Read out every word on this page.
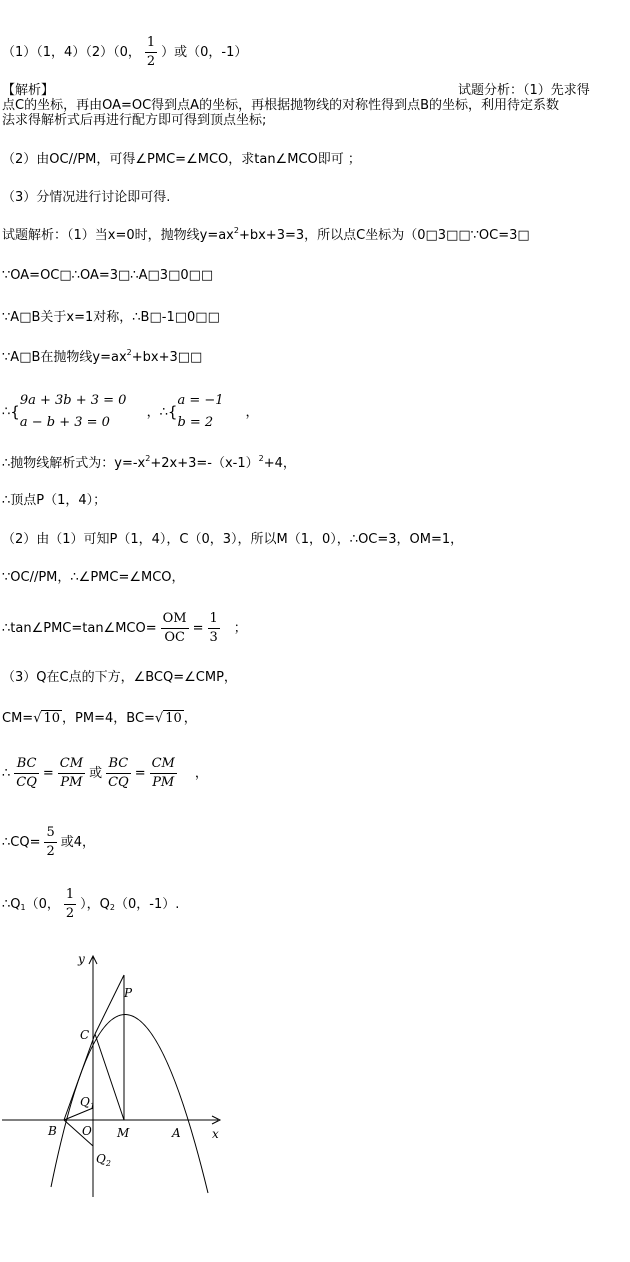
（1）（1，4）（2）（0， $\frac{1}{2}$ ）或（0，-1）
【解析】	试题分析：（1）先求得
点C的坐标，再由OA=OC得到点A的坐标，再根据抛物线的对称性得到点B的坐标，利用待定系数
法求得解析式后再进行配方即可得到顶点坐标;
（2）由OC//PM，可得∠PMC=∠MCO，求tan∠MCO即可 ；
（3）分情况进行讨论即可得.
试题解析：（1）当x=0时，抛物线$y=ax^2+bx+3=3$，所以点C坐标为（0□3□□∵OC=3□
∵OA=OC□∴OA=3□∴A□3□0□□
∵A□B关于x=1对称，∴B□-1□0□□
∵A□B在抛物线$y=ax^2+bx+3□□$
∴{
9a + 3b + 3 = 0
a − b + 3 = 0
，∴{
a = −1
b = 2
，
∴抛物线解析式为：$y=-x^2+2x+3=-(x-1)^2+4$，
∴顶点P（1，4）；
（2）由（1）可知P（1，4），C（0，3），所以M（1，0），∴OC=3，OM=1，
∵OC//PM，∴∠PMC=∠MCO，
∴tan∠PMC=tan∠MCO= $\frac{OM}{OC} = \frac{1}{3}$ ；
（3）Q在C点的下方，∠BCQ=∠CMP，
CM=√ 10 ，PM=4，BC=√ 10 ，
∴ $\frac{BC}{CQ} = \frac{CM}{PM}$ 或 $\frac{BC}{CQ} = \frac{CM}{PM}$ ，
∴CQ= $\frac{5}{2}$ 或4，
$\therefore Q_1(0$， $\frac{1}{2}$ ），$Q_2(0$，-1）.
y
x
P
C
$Q_1$
B O M	A
$Q_2$
